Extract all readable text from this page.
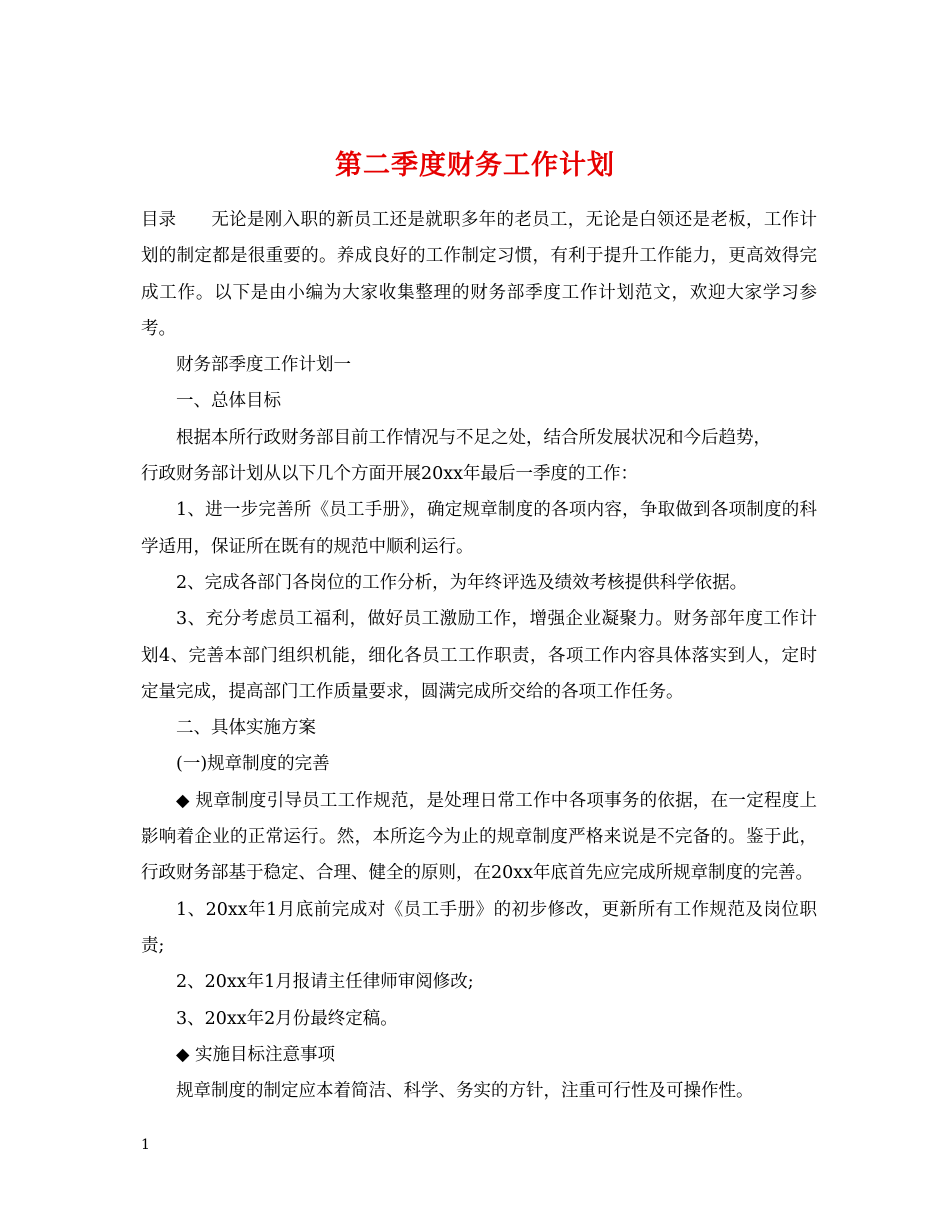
第二季度财务工作计划

目录 无论是刚入职的新员工还是就职多年的老员工，无论是白领还是老板，工作计划的制定都是很重要的。养成良好的工作制定习惯，有利于提升工作能力，更高效得完成工作。以下是由小编为大家收集整理的财务部季度工作计划范文，欢迎大家学习参考。

财务部季度工作计划一

一、总体目标

根据本所行政财务部目前工作情况与不足之处，结合所发展状况和今后趋势，

行政财务部计划从以下几个方面开展20xx年最后一季度的工作：

1、进一步完善所《员工手册》，确定规章制度的各项内容，争取做到各项制度的科学适用，保证所在既有的规范中顺利运行。

2、完成各部门各岗位的工作分析，为年终评选及绩效考核提供科学依据。

3、充分考虑员工福利，做好员工激励工作，增强企业凝聚力。财务部年度工作计划4、完善本部门组织机能，细化各员工工作职责，各项工作内容具体落实到人，定时定量完成，提高部门工作质量要求，圆满完成所交给的各项工作任务。

二、具体实施方案

(一)规章制度的完善

◆ 规章制度引导员工工作规范，是处理日常工作中各项事务的依据，在一定程度上影响着企业的正常运行。然，本所迄今为止的规章制度严格来说是不完备的。鉴于此，行政财务部基于稳定、合理、健全的原则，在20xx年底首先应完成所规章制度的完善。

1、20xx年1月底前完成对《员工手册》的初步修改，更新所有工作规范及岗位职责;

2、20xx年1月报请主任律师审阅修改;

3、20xx年2月份最终定稿。

◆ 实施目标注意事项

规章制度的制定应本着简洁、科学、务实的方针，注重可行性及可操作性。

1
